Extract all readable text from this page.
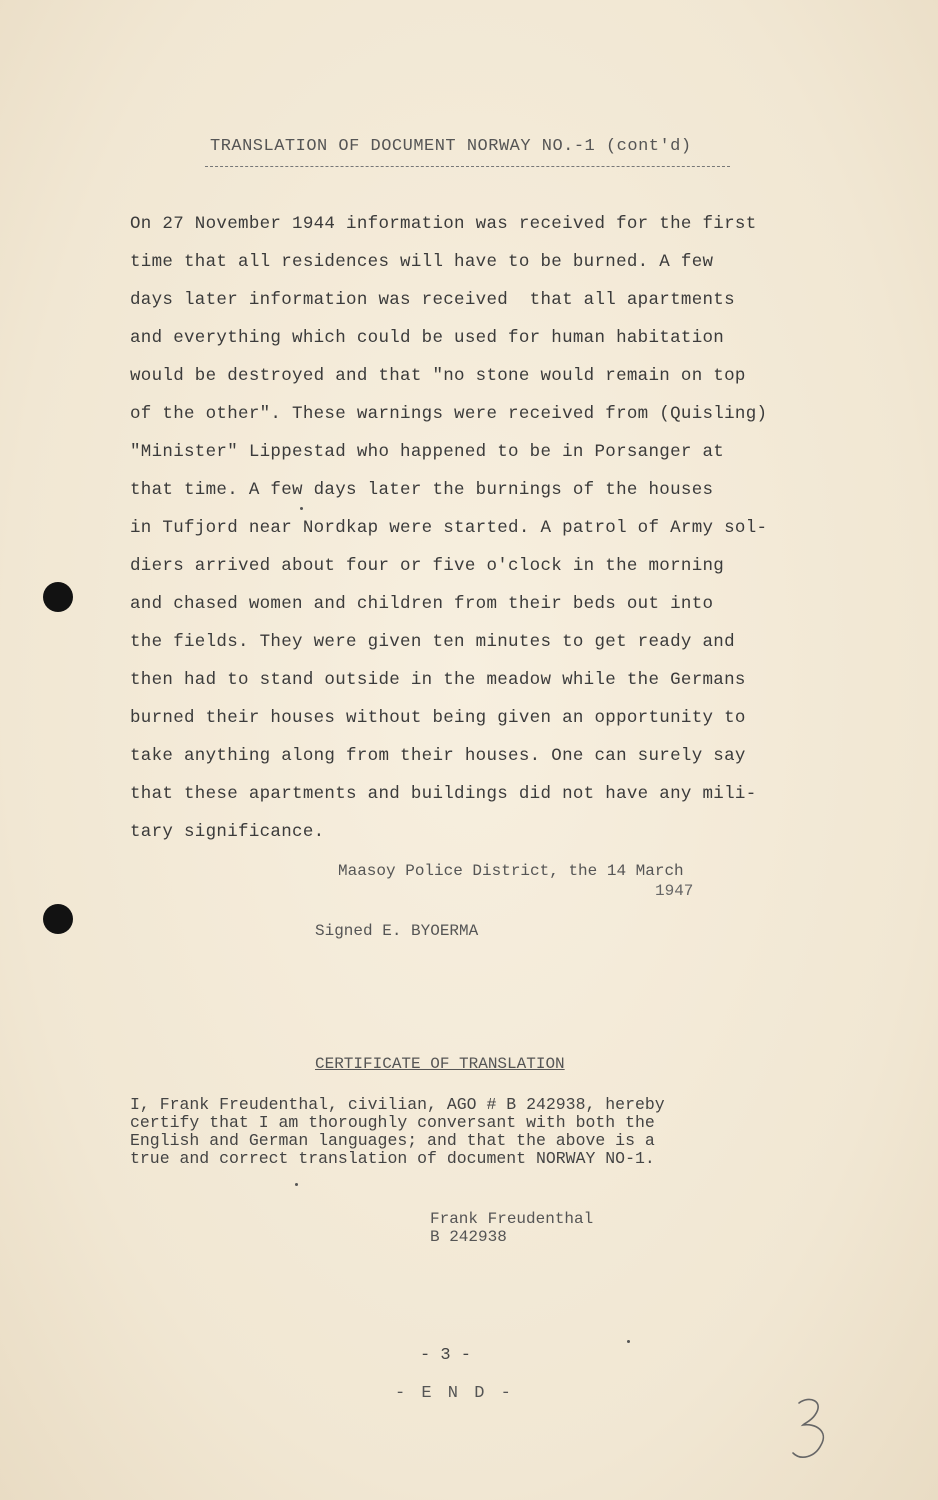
TRANSLATION OF DOCUMENT NORWAY NO.-1 (cont'd)
On 27 November 1944 information was received for the first
time that all residences will have to be burned. A few
days later information was received  that all apartments
and everything which could be used for human habitation
would be destroyed and that "no stone would remain on top
of the other". These warnings were received from (Quisling)
"Minister" Lippestad who happened to be in Porsanger at
that time. A few days later the burnings of the houses
in Tufjord near Nordkap were started. A patrol of Army sol-
diers arrived about four or five o'clock in the morning
and chased women and children from their beds out into
the fields. They were given ten minutes to get ready and
then had to stand outside in the meadow while the Germans
burned their houses without being given an opportunity to
take anything along from their houses. One can surely say
that these apartments and buildings did not have any mili-
tary significance.
Maasoy Police District, the 14 March
1947
Signed E. BYOERMA
CERTIFICATE OF TRANSLATION
I, Frank Freudenthal, civilian, AGO # B 242938, hereby
certify that I am thoroughly conversant with both the
English and German languages; and that the above is a
true and correct translation of document NORWAY NO-1.
Frank Freudenthal
B 242938
- 3 -
- E N D -
